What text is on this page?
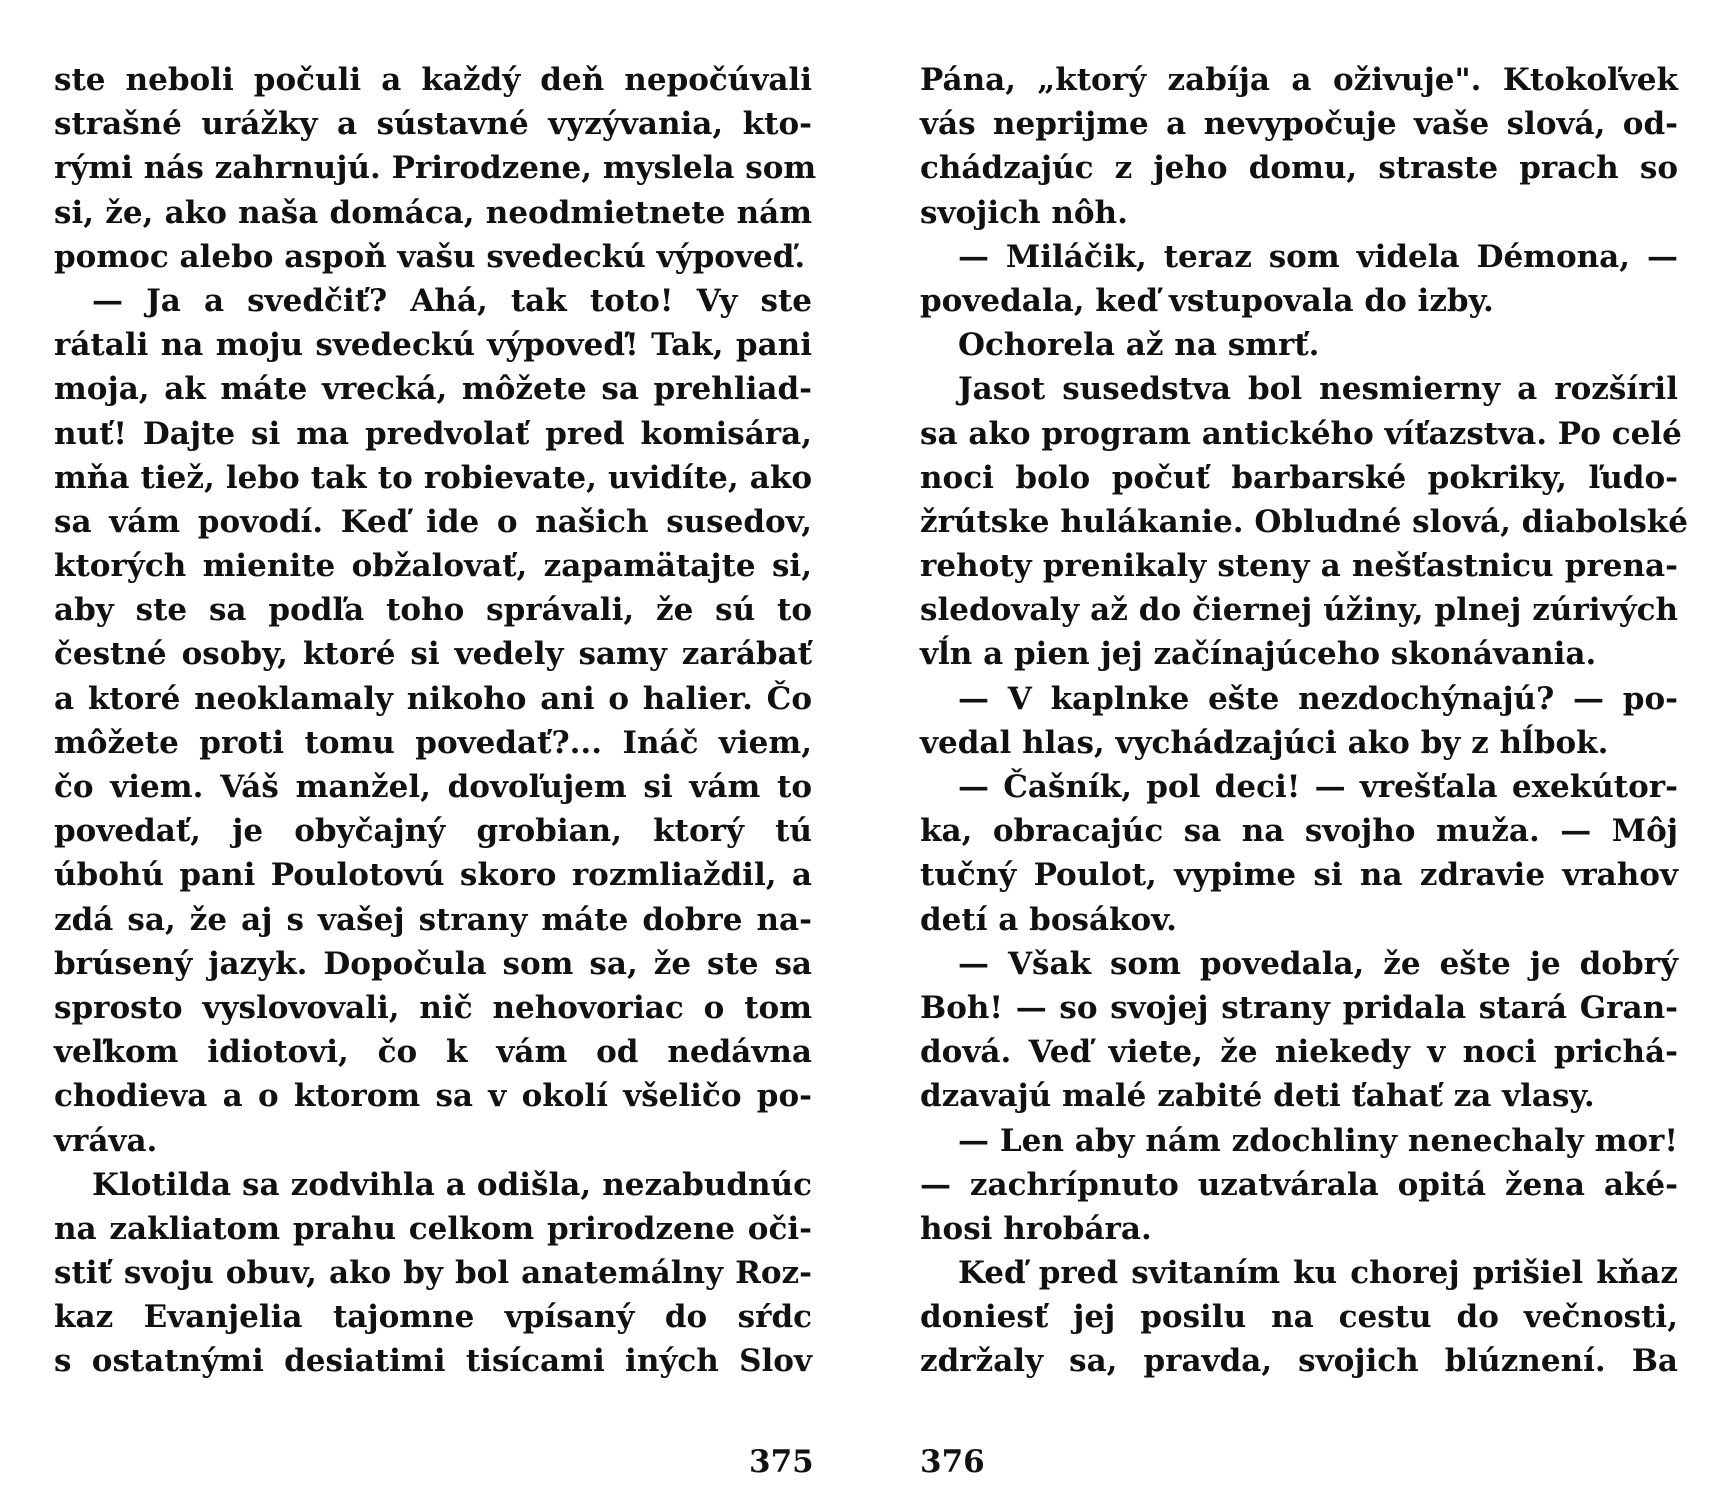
ste neboli počuli a každý deň nepočúvali
strašné urážky a sústavné vyzývania, kto-
rými nás zahrnujú. Prirodzene, myslela som
si, že, ako naša domáca, neodmietnete nám
pomoc alebo aspoň vašu svedeckú výpoveď.
— Ja a svedčiť? Ahá, tak toto! Vy ste
rátali na moju svedeckú výpoveď! Tak, pani
moja, ak máte vrecká, môžete sa prehliad-
nuť! Dajte si ma predvolať pred komisára,
mňa tiež, lebo tak to robievate, uvidíte, ako
sa vám povodí. Keď ide o našich susedov,
ktorých mienite obžalovať, zapamätajte si,
aby ste sa podľa toho správali, že sú to
čestné osoby, ktoré si vedely samy zarábať
a ktoré neoklamaly nikoho ani o halier. Čo
môžete proti tomu povedať?... Ináč viem,
čo viem. Váš manžel, dovoľujem si vám to
povedať, je obyčajný grobian, ktorý tú
úbohú pani Poulotovú skoro rozmliaždil, a
zdá sa, že aj s vašej strany máte dobre na-
brúsený jazyk. Dopočula som sa, že ste sa
sprosto vyslovovali, nič nehovoriac o tom
veľkom idiotovi, čo k vám od nedávna
chodieva a o ktorom sa v okolí všeličo po-
vráva.
Klotilda sa zodvihla a odišla, nezabudnúc
na zakliatom prahu celkom prirodzene oči-
stiť svoju obuv, ako by bol anatemálny Roz-
kaz Evanjelia tajomne vpísaný do sŕdc
s ostatnými desiatimi tisícami iných Slov
Pána, „ktorý zabíja a oživuje". Ktokoľvek
vás neprijme a nevypočuje vaše slová, od-
chádzajúc z jeho domu, straste prach so
svojich nôh.
— Miláčik, teraz som videla Démona, —
povedala, keď vstupovala do izby.
Ochorela až na smrť.
Jasot susedstva bol nesmierny a rozšíril
sa ako program antického víťazstva. Po celé
noci bolo počuť barbarské pokriky, ľudo-
žrútske hulákanie. Obludné slová, diabolské
rehoty prenikaly steny a nešťastnicu prena-
sledovaly až do čiernej úžiny, plnej zúrivých
vĺn a pien jej začínajúceho skonávania.
— V kaplnke ešte nezdochýnajú? — po-
vedal hlas, vychádzajúci ako by z hĺbok.
— Čašník, pol deci! — vrešťala exekútor-
ka, obracajúc sa na svojho muža. — Môj
tučný Poulot, vypime si na zdravie vrahov
detí a bosákov.
— Však som povedala, že ešte je dobrý
Boh! — so svojej strany pridala stará Gran-
dová. Veď viete, že niekedy v noci prichá-
dzavajú malé zabité deti ťahať za vlasy.
— Len aby nám zdochliny nenechaly mor!
— zachrípnuto uzatvárala opitá žena aké-
hosi hrobára.
Keď pred svitaním ku chorej prišiel kňaz
doniesť jej posilu na cestu do večnosti,
zdržaly sa, pravda, svojich blúznení. Ba
375	376
